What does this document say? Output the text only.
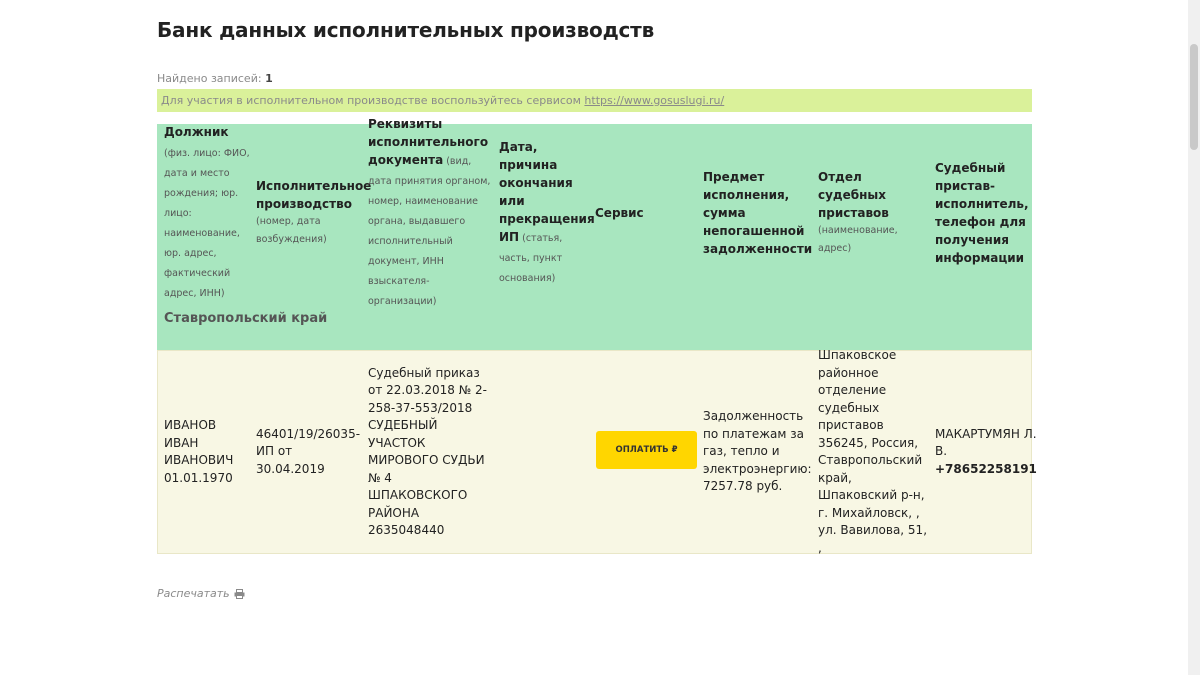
Банк данных исполнительных производств
Найдено записей: 1
Для участия в исполнительном производстве воспользуйтесь сервисом https://www.gosuslugi.ru/
Должник (физ. лицо: ФИО, дата и место рождения; юр. лицо: наименование, юр. адрес, фактический адрес, ИНН)
Исполнительное производство
(номер, дата возбуждения)
Реквизиты исполнительного документа (вид, дата принятия органом, номер, наименование органа, выдавшего исполнительный документ, ИНН взыскателя-организации)
Дата, причина окончания или прекращения ИП (статья, часть, пункт основания)
Сервис
Предмет исполнения, сумма непогашенной задолженности
Отдел судебных приставов
(наименование, адрес)
Судебный пристав-исполнитель, телефон для получения информации
Ставропольский край
ИВАНОВ ИВАН ИВАНОВИЧ 01.01.1970
46401/19/26035-ИП от 30.04.2019
Судебный приказ от 22.03.2018 № 2-258-37-553/2018 СУДЕБНЫЙ УЧАСТОК МИРОВОГО СУДЬИ № 4 ШПАКОВСКОГО РАЙОНА 2635048440
ОПЛАТИТЬ ₽
Задолженность по платежам за газ, тепло и электроэнергию: 7257.78 руб.
Шпаковское районное отделение судебных приставов 356245, Россия, Ставропольский край, Шпаковский р-н, г. Михайловск, , ул. Вавилова, 51, ,
МАКАРТУМЯН Л. В.
+78652258191
Распечатать
